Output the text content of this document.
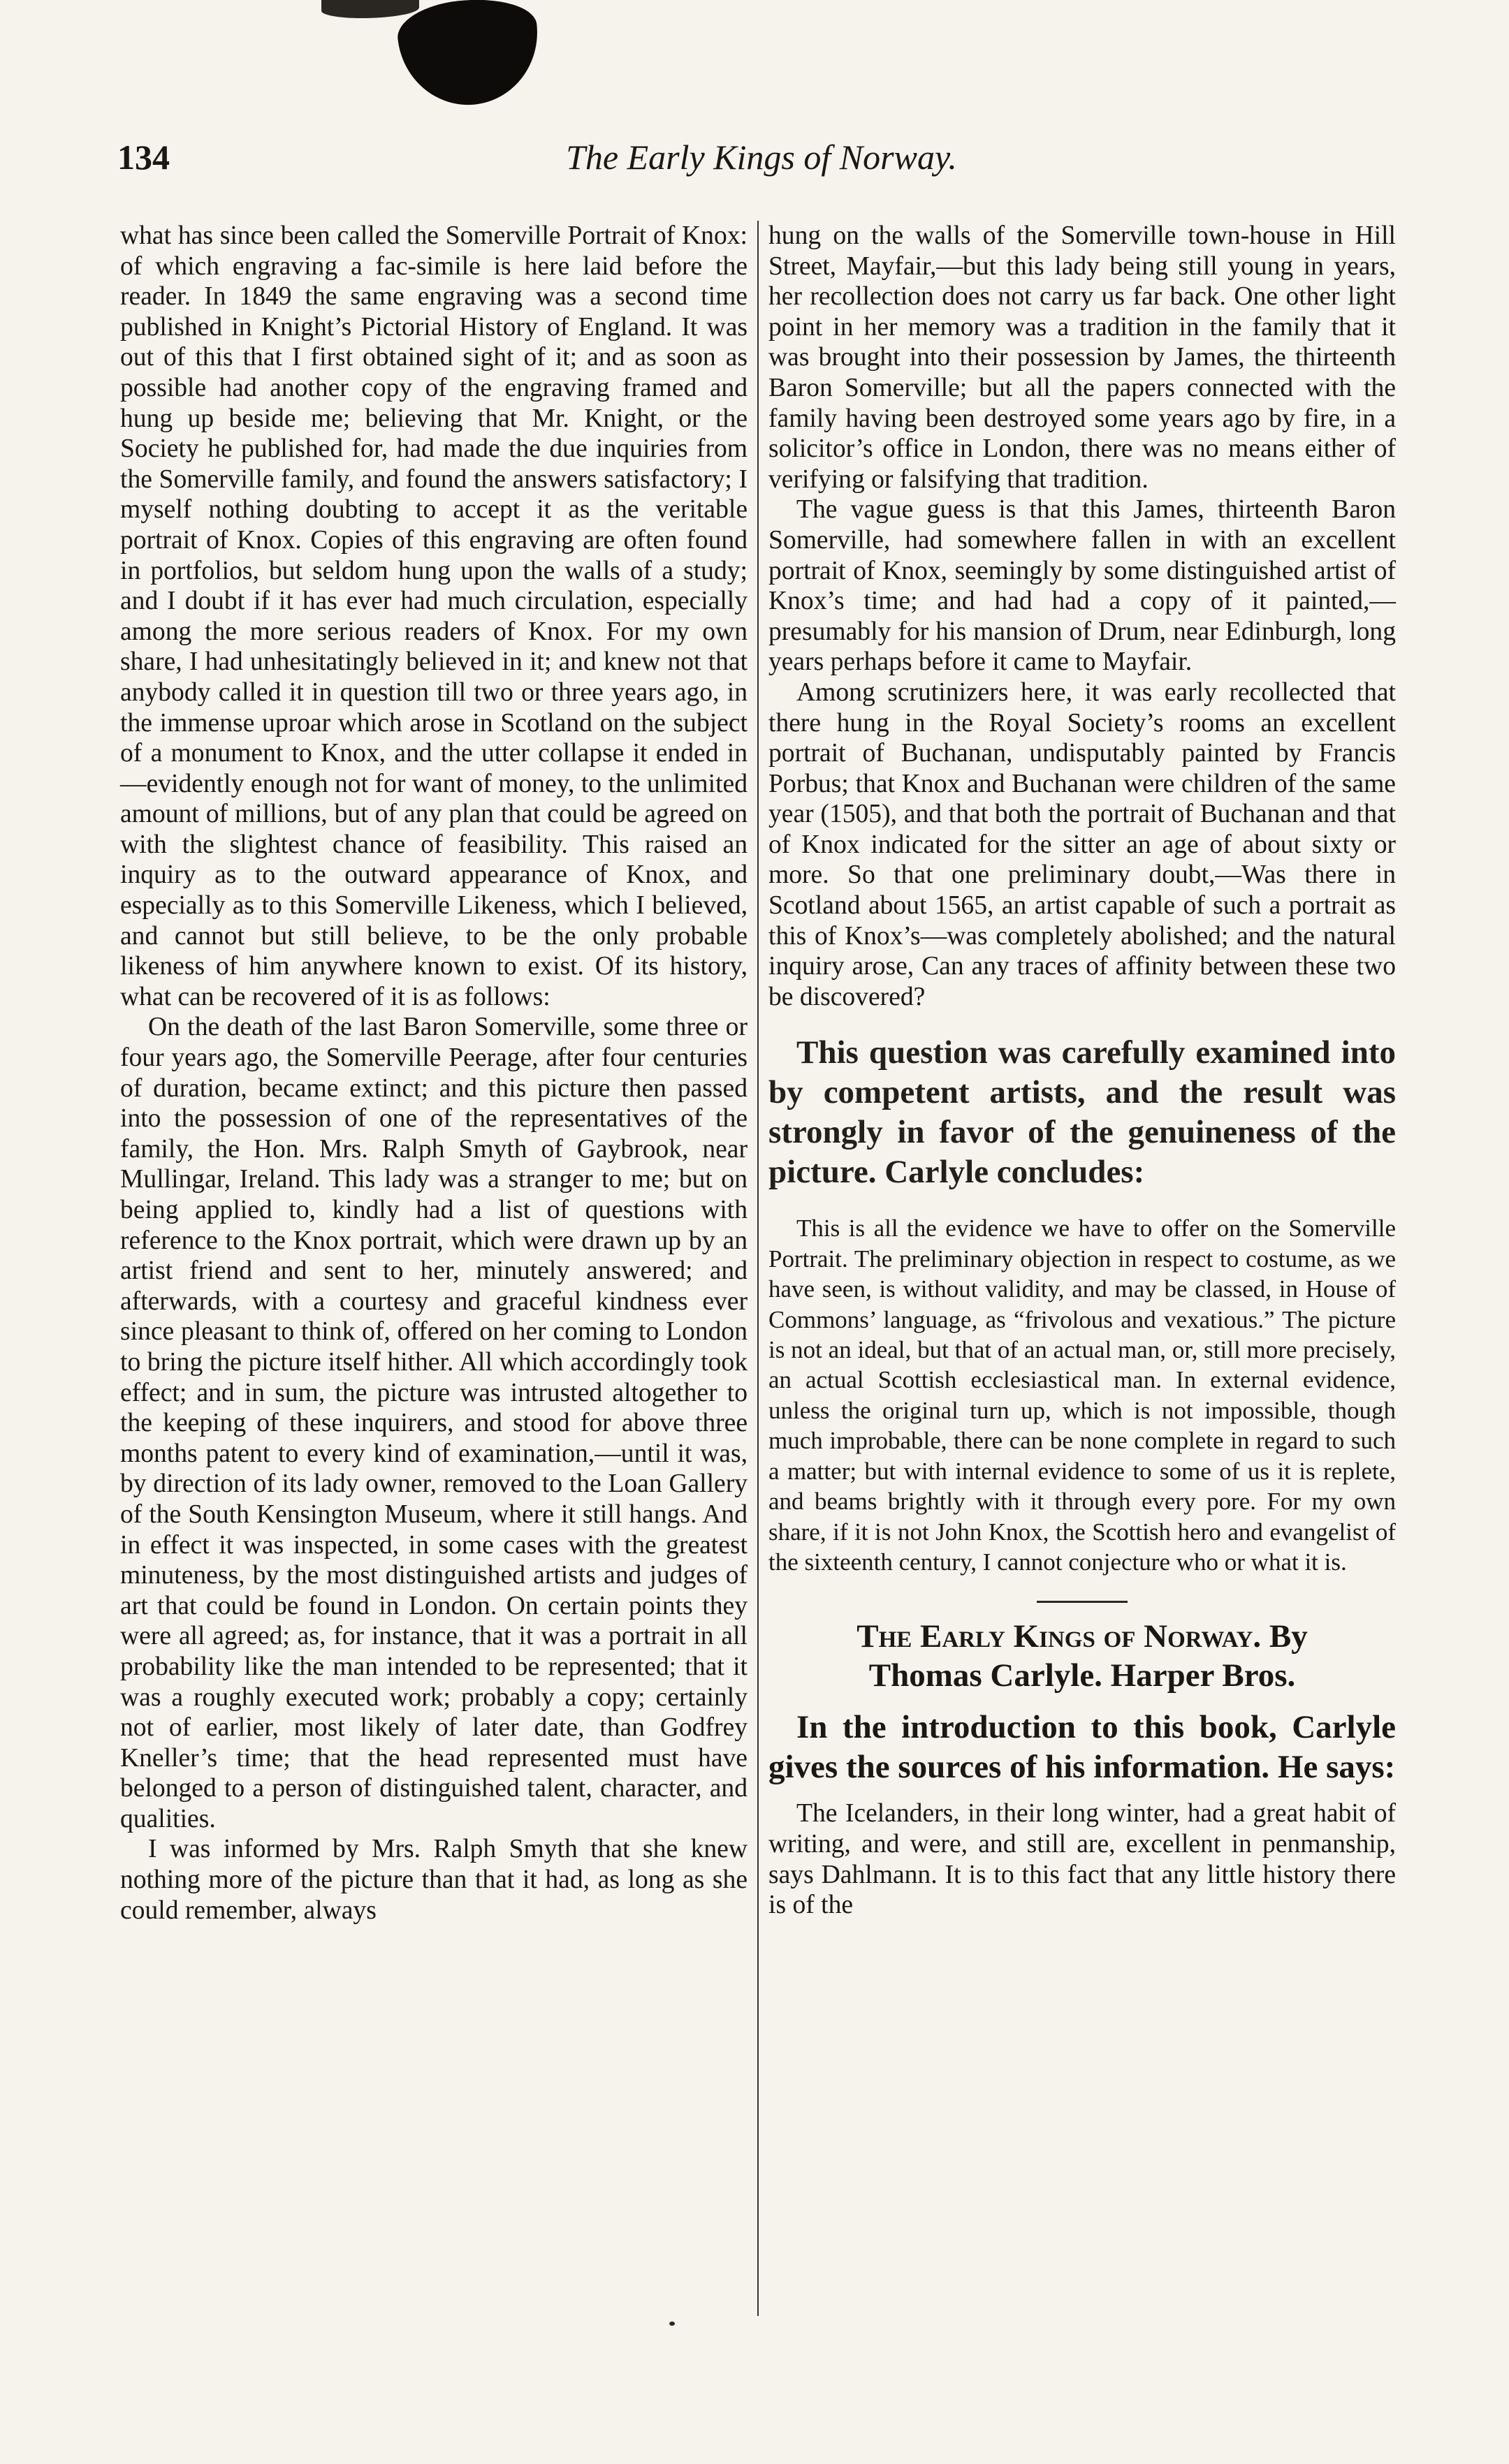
The Early Kings of Norway.
134

what has since been called the Somerville Portrait of Knox: of which engraving a fac-simile is here laid before the reader. In 1849 the same engraving was a second time published in Knight’s Pictorial History of England. It was out of this that I first obtained sight of it; and as soon as possible had another copy of the engraving framed and hung up beside me; believing that Mr. Knight, or the Society he published for, had made the due inquiries from the Somerville family, and found the answers satisfactory; I myself nothing doubting to accept it as the veritable portrait of Knox. Copies of this engraving are often found in portfolios, but seldom hung upon the walls of a study; and I doubt if it has ever had much circulation, especially among the more serious readers of Knox. For my own share, I had unhesitatingly believed in it; and knew not that anybody called it in question till two or three years ago, in the immense uproar which arose in Scotland on the subject of a monument to Knox, and the utter collapse it ended in—evidently enough not for want of money, to the unlimited amount of millions, but of any plan that could be agreed on with the slightest chance of feasibility. This raised an inquiry as to the outward appearance of Knox, and especially as to this Somerville Likeness, which I believed, and cannot but still believe, to be the only probable likeness of him anywhere known to exist. Of its history, what can be recovered of it is as follows:

On the death of the last Baron Somerville, some three or four years ago, the Somerville Peerage, after four centuries of duration, became extinct; and this picture then passed into the possession of one of the representatives of the family, the Hon. Mrs. Ralph Smyth of Gaybrook, near Mullingar, Ireland. This lady was a stranger to me; but on being applied to, kindly had a list of questions with reference to the Knox portrait, which were drawn up by an artist friend and sent to her, minutely answered; and afterwards, with a courtesy and graceful kindness ever since pleasant to think of, offered on her coming to London to bring the picture itself hither. All which accordingly took effect; and in sum, the picture was intrusted altogether to the keeping of these inquirers, and stood for above three months patent to every kind of examination,—until it was, by direction of its lady owner, removed to the Loan Gallery of the South Kensington Museum, where it still hangs. And in effect it was inspected, in some cases with the greatest minuteness, by the most distinguished artists and judges of art that could be found in London. On certain points they were all agreed; as, for instance, that it was a portrait in all probability like the man intended to be represented; that it was a roughly executed work; probably a copy; certainly not of earlier, most likely of later date, than Godfrey Kneller’s time; that the head represented must have belonged to a person of distinguished talent, character, and qualities.

I was informed by Mrs. Ralph Smyth that she knew nothing more of the picture than that it had, as long as she could remember, always

hung on the walls of the Somerville town-house in Hill Street, Mayfair,—but this lady being still young in years, her recollection does not carry us far back. One other light point in her memory was a tradition in the family that it was brought into their possession by James, the thirteenth Baron Somerville; but all the papers connected with the family having been destroyed some years ago by fire, in a solicitor’s office in London, there was no means either of verifying or falsifying that tradition.

The vague guess is that this James, thirteenth Baron Somerville, had somewhere fallen in with an excellent portrait of Knox, seemingly by some distinguished artist of Knox’s time; and had had a copy of it painted,—presumably for his mansion of Drum, near Edinburgh, long years perhaps before it came to Mayfair.

Among scrutinizers here, it was early recollected that there hung in the Royal Society’s rooms an excellent portrait of Buchanan, undisputably painted by Francis Porbus; that Knox and Buchanan were children of the same year (1505), and that both the portrait of Buchanan and that of Knox indicated for the sitter an age of about sixty or more. So that one preliminary doubt,—Was there in Scotland about 1565, an artist capable of such a portrait as this of Knox’s—was completely abolished; and the natural inquiry arose, Can any traces of affinity between these two be discovered?

This question was carefully examined into by competent artists, and the result was strongly in favor of the genuineness of the picture. Carlyle concludes:

This is all the evidence we have to offer on the Somerville Portrait. The preliminary objection in respect to costume, as we have seen, is without validity, and may be classed, in House of Commons’ language, as “frivolous and vexatious.” The picture is not an ideal, but that of an actual man, or, still more precisely, an actual Scottish ecclesiastical man. In external evidence, unless the original turn up, which is not impossible, though much improbable, there can be none complete in regard to such a matter; but with internal evidence to some of us it is replete, and beams brightly with it through every pore. For my own share, if it is not John Knox, the Scottish hero and evangelist of the sixteenth century, I cannot conjecture who or what it is.

The Early Kings of Norway. By
Thomas Carlyle. Harper Bros.

In the introduction to this book, Carlyle gives the sources of his information. He says:

The Icelanders, in their long winter, had a great habit of writing, and were, and still are, excellent in penmanship, says Dahlmann. It is to this fact that any little history there is of the
